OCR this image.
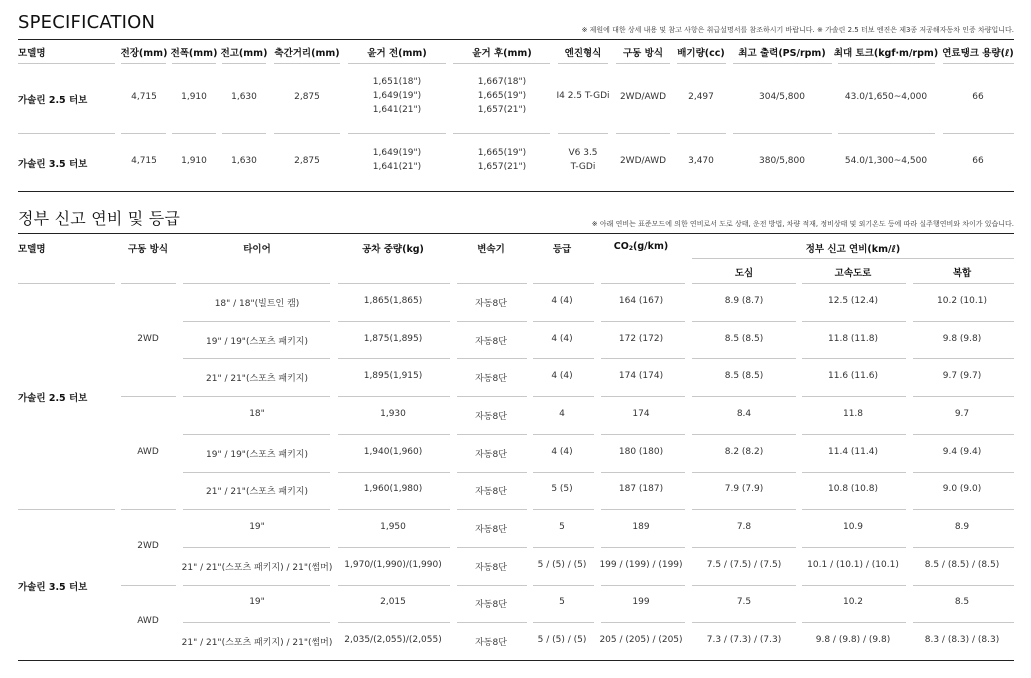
SPECIFICATION	※ 제원에 대한 상세 내용 및 참고 사항은 취급설명서를 참조하시기 바랍니다. ※ 가솔린 2.5 터보 엔진은 제3종 저공해자동차 인증 차량입니다.
모델명	전장(mm) 전폭(mm) 전고(mm) 축간거리(mm)	윤거 전(mm)	윤거 후(mm)	엔진형식 구동 방식 배기량(cc) 최고 출력(PS/rpm) 최대 토크(kgf·m/rpm) 연료탱크 용량(ℓ)
가솔린 2.5 터보	4,715	1,910	1,630	2,875
1,651(18")
1,649(19")
1,641(21")
1,667(18")
1,665(19")
1,657(21")
I4 2.5 T-GDi 2WD/AWD 2,497	304/5,800	43.0/1,650~4,000	66
가솔린 3.5 터보	4,715	1,910	1,630	2,875
1,649(19")
1,641(21")
1,665(19")
1,657(21")
V6 3.5
T-GDi
2WD/AWD 3,470	380/5,800	54.0/1,300~4,500	66
정부 신고 연비 및 등급	※ 아래 연비는 표준모드에 의한 연비로서 도로 상태, 운전 방법, 차량 적재, 정비상태 및 외기온도 등에 따라 실주행연비와 차이가 있습니다.
모델명	구동 방식	타이어	공차 중량(kg)	변속기	등급	$CO_2(g/km)$	정부 신고 연비(km/ℓ)
도심	고속도로	복합
18" / 18"(빌트인 캠)	1,865(1,865)	자동8단	4 (4)	164 (167)	8.9 (8.7)	12.5 (12.4)	10.2 (10.1)
19" / 19"(스포츠 패키지)	1,875(1,895)	자동8단	4 (4)	172 (172)	8.5 (8.5)	11.8 (11.8)	9.8 (9.8)
21" / 21"(스포츠 패키지)	1,895(1,915)	자동8단	4 (4)	174 (174)	8.5 (8.5)	11.6 (11.6)	9.7 (9.7)
2WD
18"	1,930	자동8단	4	174	8.4	11.8	9.7
19" / 19"(스포츠 패키지)	1,940(1,960)	자동8단	4 (4)	180 (180)	8.2 (8.2)	11.4 (11.4)	9.4 (9.4)
21" / 21"(스포츠 패키지)	1,960(1,980)	자동8단	5 (5)	187 (187)	7.9 (7.9)	10.8 (10.8)	9.0 (9.0)
AWD
가솔린 2.5 터보
19"	1,950	자동8단	5	189	7.8	10.9	8.9
21" / 21"(스포츠 패키지) / 21"(썸머) 1,970/(1,990)/(1,990)	자동8단	5 / (5) / (5) 199 / (199) / (199)	7.5 / (7.5) / (7.5)	10.1 / (10.1) / (10.1)	8.5 / (8.5) / (8.5)
2WD
19"	2,015	자동8단	5	199	7.5	10.2	8.5
21" / 21"(스포츠 패키지) / 21"(썸머) 2,035/(2,055)/(2,055)	자동8단	5 / (5) / (5) 205 / (205) / (205)	7.3 / (7.3) / (7.3)	9.8 / (9.8) / (9.8)	8.3 / (8.3) / (8.3)
AWD
가솔린 3.5 터보
